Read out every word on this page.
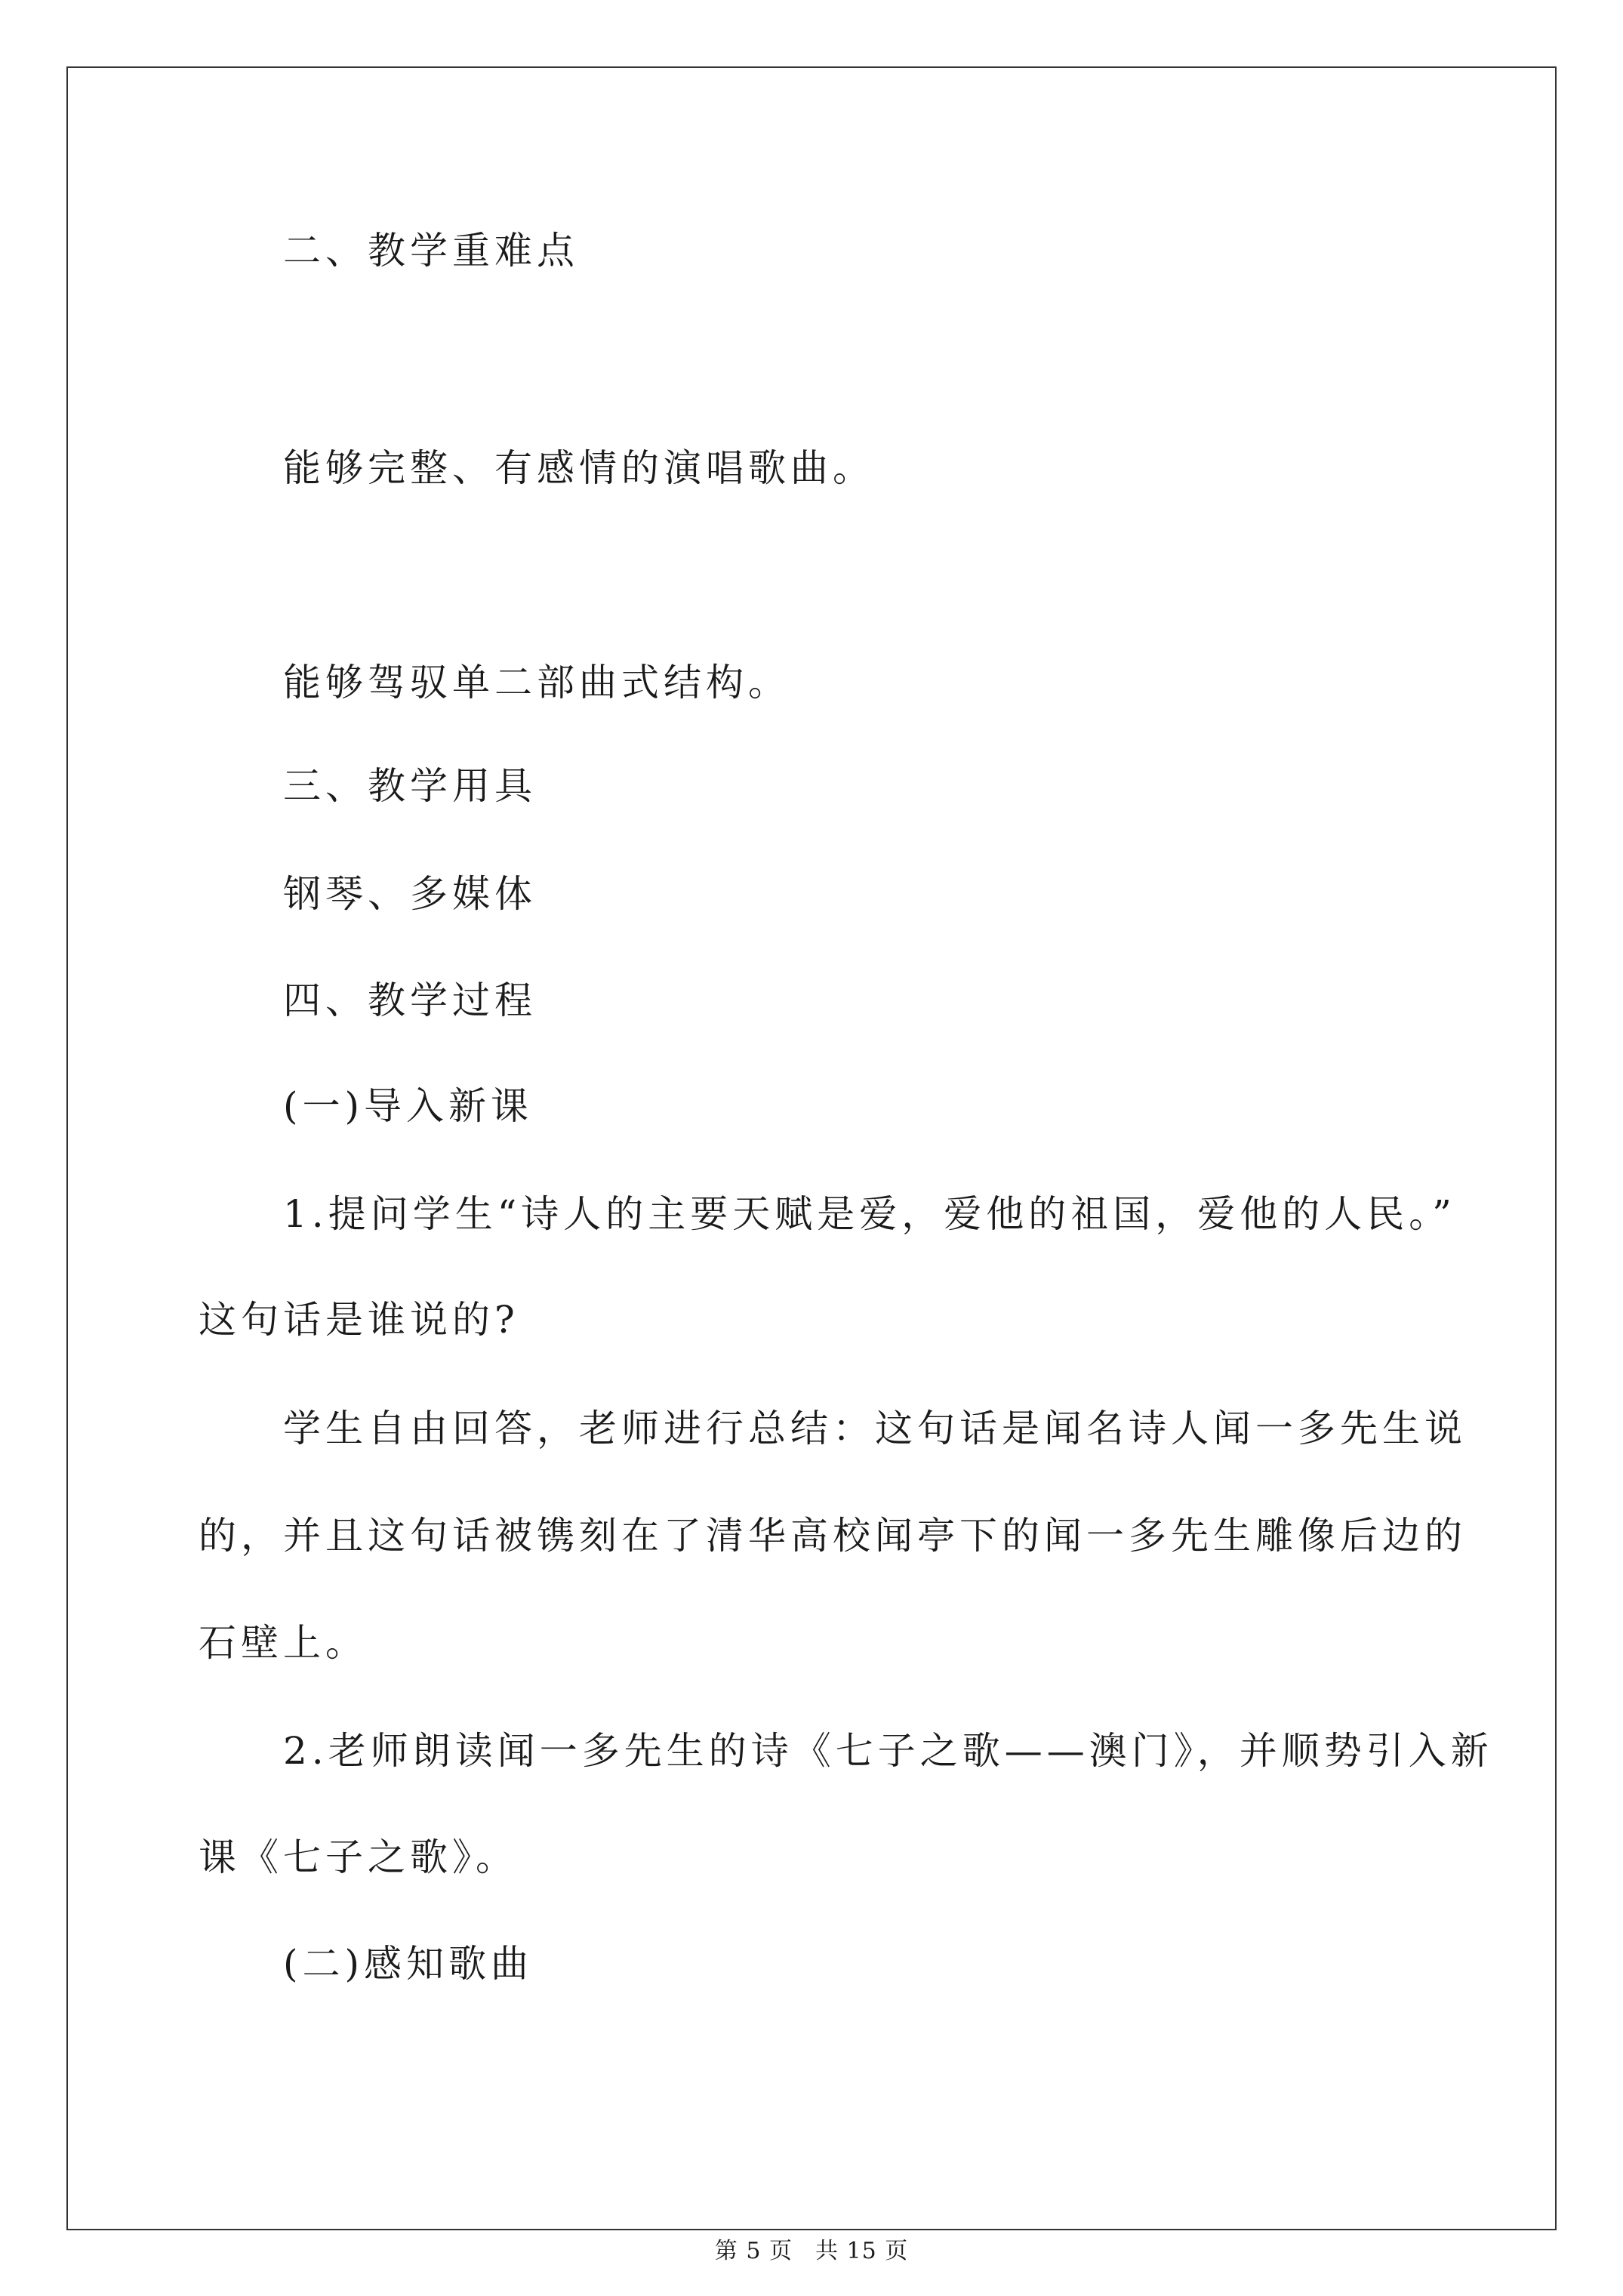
二、教学重难点
能够完整、有感情的演唱歌曲。
能够驾驭单二部曲式结构。
三、教学用具
钢琴、多媒体
四、教学过程
(一)导入新课
1.提问学生“诗人的主要天赋是爱，爱他的祖国，爱他的人民。”
这句话是谁说的?
学生自由回答，老师进行总结：这句话是闻名诗人闻一多先生说
的，并且这句话被镌刻在了清华高校闻亭下的闻一多先生雕像后边的
石壁上。
2.老师朗读闻一多先生的诗《七子之歌——澳门》，并顺势引入新
课《七子之歌》。
(二)感知歌曲
第 5 页 共 15 页
